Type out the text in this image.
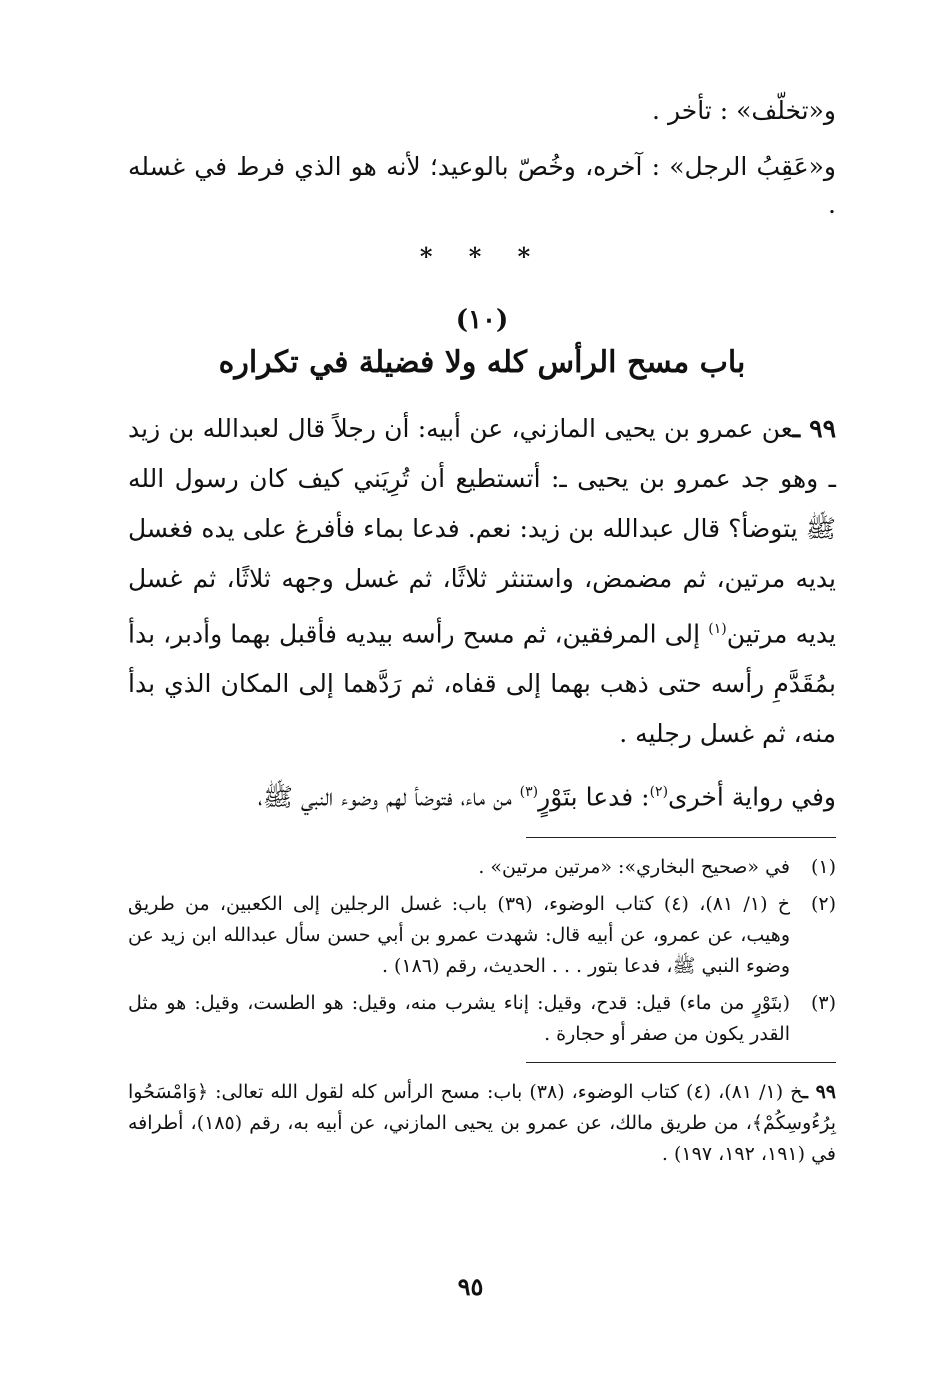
و«تخلّف» : تأخر .

و«عَقِبُ الرجل» : آخره، وخُصّ بالوعيد؛ لأنه هو الذي فرط في غسله .

* * *
(١٠)
باب مسح الرأس كله ولا فضيلة في تكراره

٩٩ ـعن عمرو بن يحيى المازني، عن أبيه: أن رجلاً قال لعبدالله بن زيد ـ وهو جد عمرو بن يحيى ـ: أتستطيع أن تُرِيَني كيف كان رسول الله ﷺ يتوضأ؟ قال عبدالله بن زيد: نعم. فدعا بماء فأفرغ على يده فغسل يديه مرتين، ثم مضمض، واستنثر ثلاثًا، ثم غسل وجهه ثلاثًا، ثم غسل يديه مرتين$^{(١)}$ إلى المرفقين، ثم مسح رأسه بيديه فأقبل بهما وأدبر، بدأ بمُقَدَّمِ رأسه حتى ذهب بهما إلى قفاه، ثم رَدَّهما إلى المكان الذي بدأ منه، ثم غسل رجليه .

وفي رواية أخرى$^{(٢)}$: فدعا بتَوْرٍ$^{(٣)}$ من ماء، فتوضأ لهم وضوء النبي ﷺ،

(١)
في «صحيح البخاري»: «مرتين مرتين» .
(٢)
خ (١/ ٨١)، (٤) كتاب الوضوء، (٣٩) باب: غسل الرجلين إلى الكعبين، من طريق وهيب، عن عمرو، عن أبيه قال: شهدت عمرو بن أبي حسن سأل عبدالله ابن زيد عن وضوء النبي ﷺ، فدعا بتور . . . الحديث، رقم (١٨٦) .
(٣)
(بتَوْرٍ من ماء) قيل: قدح، وقيل: إناء يشرب منه، وقيل: هو الطست، وقيل: هو مثل القدر يكون من صفر أو حجارة .

٩٩ ـخ (١/ ٨١)، (٤) كتاب الوضوء، (٣٨) باب: مسح الرأس كله لقول الله تعالى: ﴿وَامْسَحُوا بِرُءُوسِكُمْ﴾، من طريق مالك، عن عمرو بن يحيى المازني، عن أبيه به، رقم (١٨٥)، أطرافه في (١٩١، ١٩٢، ١٩٧) .

٩٥
